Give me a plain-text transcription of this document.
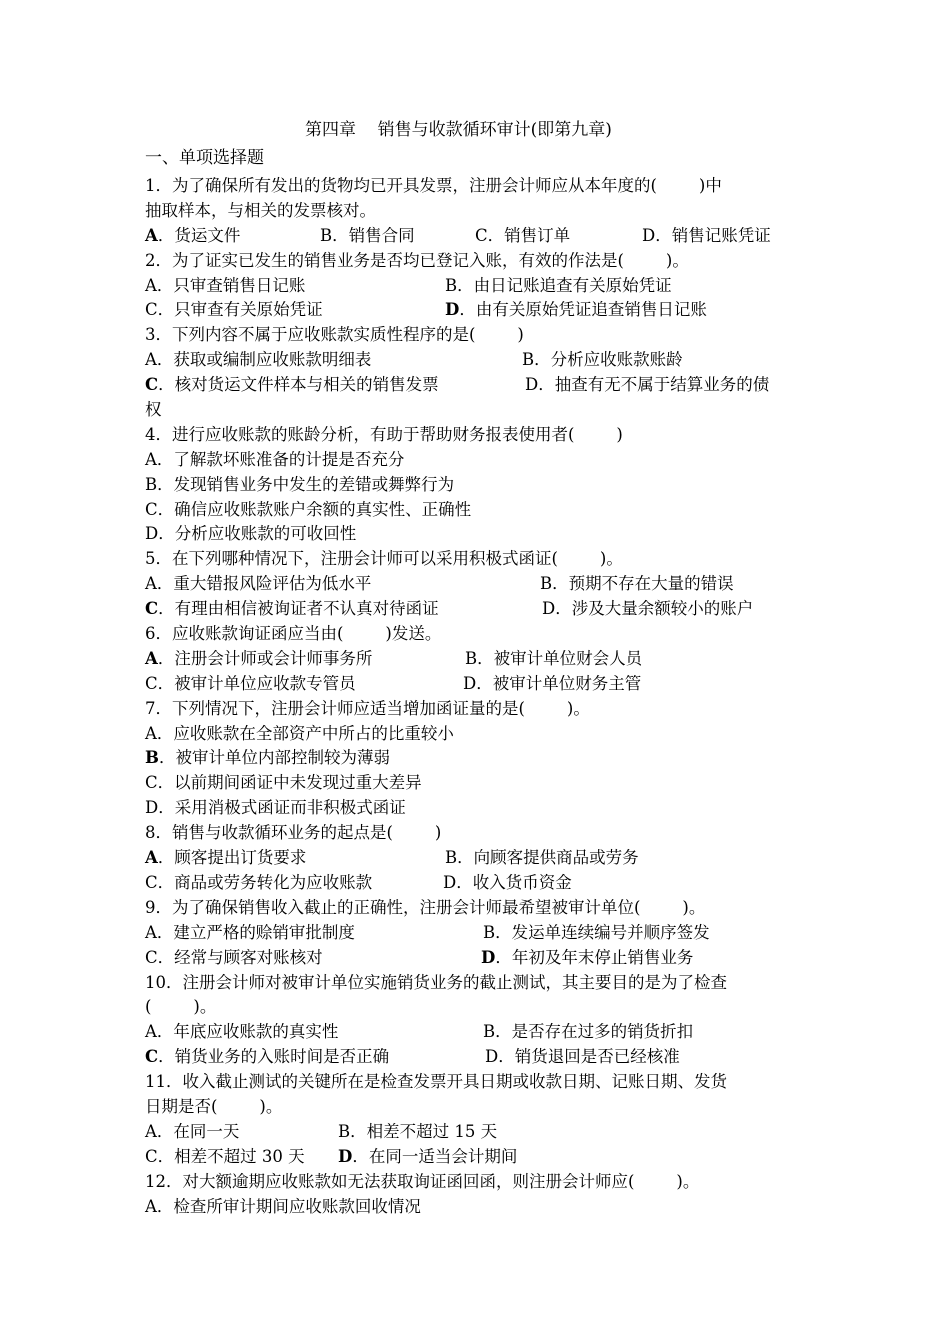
第四章    销售与收款循环审计(即第九章)
一、单项选择题
1．为了确保所有发出的货物均已开具发票，注册会计师应从本年度的(        )中
抽取样本，与相关的发票核对。
A．货运文件	B．销售合同	C．销售订单	D．销售记账凭证
2．为了证实已发生的销售业务是否均已登记入账，有效的作法是(        )。
A．只审查销售日记账	B．由日记账追查有关原始凭证
C．只审查有关原始凭证	D．由有关原始凭证追查销售日记账
3．下列内容不属于应收账款实质性程序的是(        )
A．获取或编制应收账款明细表	B．分析应收账款账龄
C．核对货运文件样本与相关的销售发票	D．抽查有无不属于结算业务的债
权
4．进行应收账款的账龄分析，有助于帮助财务报表使用者(        )
A．了解款坏账准备的计提是否充分
B．发现销售业务中发生的差错或舞弊行为
C．确信应收账款账户余额的真实性、正确性
D．分析应收账款的可收回性
5．在下列哪种情况下，注册会计师可以采用积极式函证(        )。
A．重大错报风险评估为低水平	B．预期不存在大量的错误
C．有理由相信被询证者不认真对待函证	D．涉及大量余额较小的账户
6．应收账款询证函应当由(        )发送。
A．注册会计师或会计师事务所	B．被审计单位财会人员
C．被审计单位应收款专管员	D．被审计单位财务主管
7．下列情况下，注册会计师应适当增加函证量的是(        )。
A．应收账款在全部资产中所占的比重较小
B．被审计单位内部控制较为薄弱
C．以前期间函证中未发现过重大差异
D．采用消极式函证而非积极式函证
8．销售与收款循环业务的起点是(        )
A．顾客提出订货要求	B．向顾客提供商品或劳务
C．商品或劳务转化为应收账款	D．收入货币资金
9．为了确保销售收入截止的正确性，注册会计师最希望被审计单位(        )。
A．建立严格的赊销审批制度	B．发运单连续编号并顺序签发
C．经常与顾客对账核对	D．年初及年末停止销售业务
10．注册会计师对被审计单位实施销货业务的截止测试，其主要目的是为了检查
(        )。
A．年底应收账款的真实性	B．是否存在过多的销货折扣
C．销货业务的入账时间是否正确	D．销货退回是否已经核准
11．收入截止测试的关键所在是检查发票开具日期或收款日期、记账日期、发货
日期是否(        )。
A．在同一天	B．相差不超过 15 天
C．相差不超过 30 天 D．在同一适当会计期间
12．对大额逾期应收账款如无法获取询证函回函，则注册会计师应(        )。
A．检查所审计期间应收账款回收情况
